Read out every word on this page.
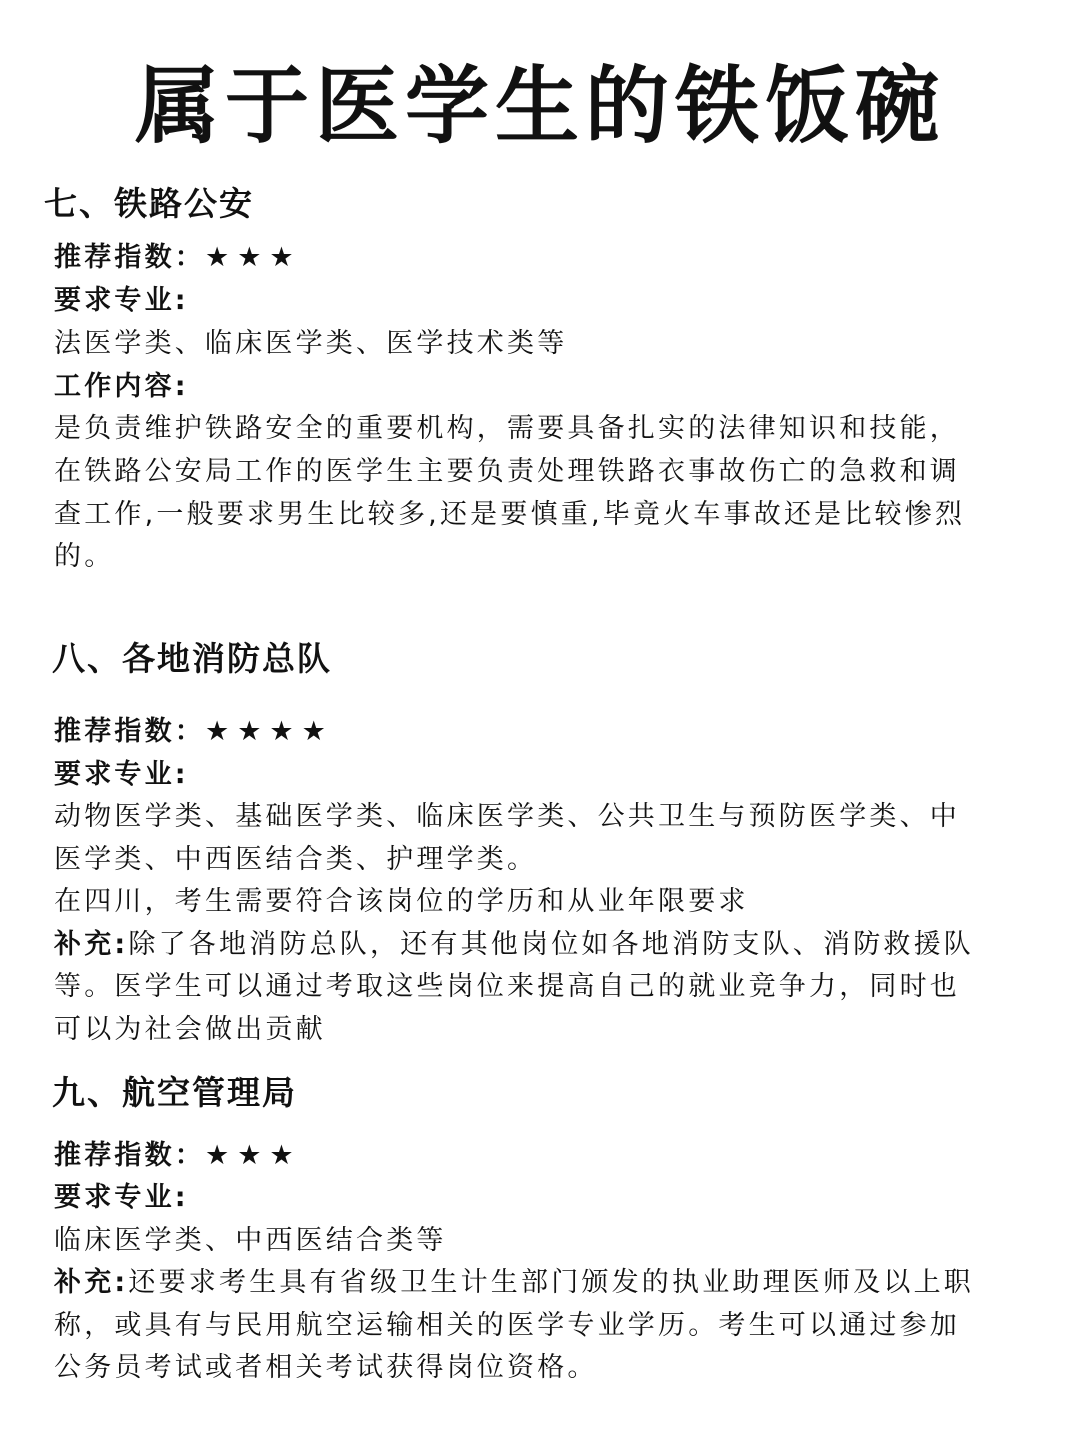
属于医学生的铁饭碗
七、铁路公安
推荐指数：★★★
要求专业:
法医学类、临床医学类、医学技术类等
工作内容:
是负责维护铁路安全的重要机构，需要具备扎实的法律知识和技能，
在铁路公安局工作的医学生主要负责处理铁路衣事故伤亡的急救和调
查工作,一般要求男生比较多,还是要慎重,毕竟火车事故还是比较惨烈
的。
八、各地消防总队
推荐指数：★★★★
要求专业:
动物医学类、基础医学类、临床医学类、公共卫生与预防医学类、中
医学类、中西医结合类、护理学类。
在四川，考生需要符合该岗位的学历和从业年限要求
补充:除了各地消防总队，还有其他岗位如各地消防支队、消防救援队
等。医学生可以通过考取这些岗位来提高自己的就业竞争力，同时也
可以为社会做出贡献
九、航空管理局
推荐指数：★★★
要求专业:
临床医学类、中西医结合类等
补充:还要求考生具有省级卫生计生部门颁发的执业助理医师及以上职
称，或具有与民用航空运输相关的医学专业学历。考生可以通过参加
公务员考试或者相关考试获得岗位资格。
